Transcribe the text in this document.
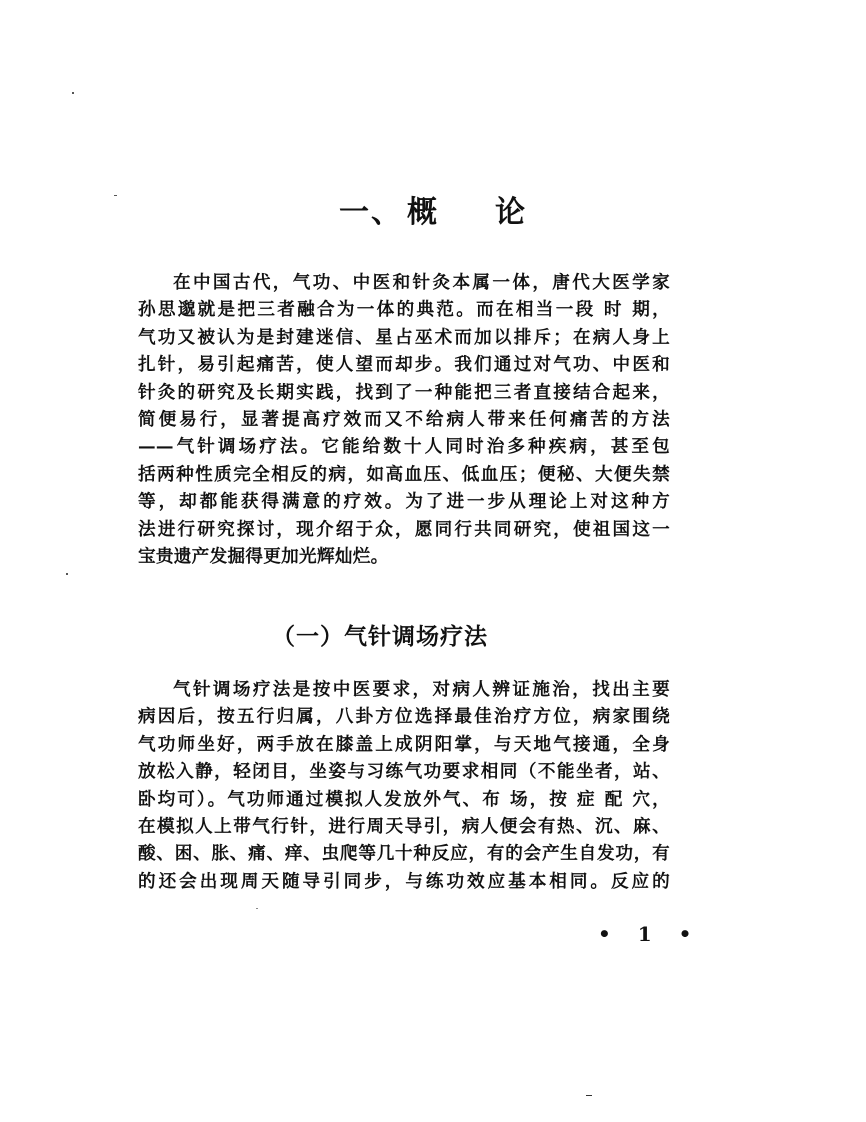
一、 概 论
在中国古代，气功、中医和针灸本属一体，唐代大医学家
孙思邈就是把三者融合为一体的典范。而在相当一段 时 期，
气功又被认为是封建迷信、星占巫术而加以排斥；在病人身上
扎针，易引起痛苦，使人望而却步。我们通过对气功、中医和
针灸的研究及长期实践，找到了一种能把三者直接结合起来，
简便易行，显著提高疗效而又不给病人带来任何痛苦的方法
——气针调场疗法。它能给数十人同时治多种疾病，甚至包
括两种性质完全相反的病，如高血压、低血压；便秘、大便失禁
等，却都能获得满意的疗效。为了进一步从理论上对这种方
法进行研究探讨，现介绍于众，愿同行共同研究，使祖国这一
宝贵遗产发掘得更加光辉灿烂。
（一）气针调场疗法
气针调场疗法是按中医要求，对病人辨证施治，找出主要
病因后，按五行归属，八卦方位选择最佳治疗方位，病家围绕
气功师坐好，两手放在膝盖上成阴阳掌，与天地气接通，全身
放松入静，轻闭目，坐姿与习练气功要求相同（不能坐者，站、
卧均可）。气功师通过模拟人发放外气、布 场，按 症 配 穴，
在模拟人上带气行针，进行周天导引，病人便会有热、沉、麻、
酸、困、胀、痛、痒、虫爬等几十种反应，有的会产生自发功，有
的还会出现周天随导引同步，与练功效应基本相同。反应的
• 1 •
